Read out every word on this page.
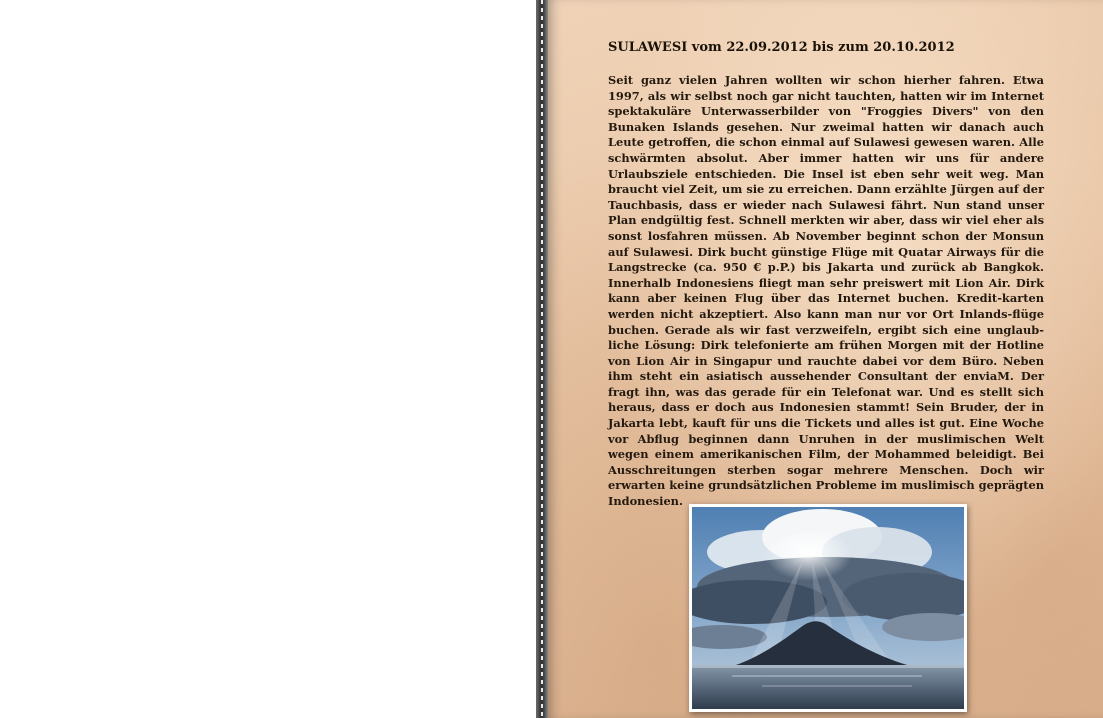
SULAWESI vom 22.09.2012 bis zum 20.10.2012

Seit ganz vielen Jahren wollten wir schon hierher fahren. Etwa 1997, als wir selbst noch gar nicht tauchten, hatten wir im Internet spektakuläre Unterwasserbilder von "Froggies Divers" von den Bunaken Islands gesehen. Nur zweimal hatten wir danach auch Leute getroffen, die schon einmal auf Sulawesi gewesen waren. Alle schwärmten absolut. Aber immer hatten wir uns für andere Urlaubsziele entschieden. Die Insel ist eben sehr weit weg. Man braucht viel Zeit, um sie zu erreichen. Dann erzählte Jürgen auf der Tauchbasis, dass er wieder nach Sulawesi fährt. Nun stand unser Plan endgültig fest. Schnell merkten wir aber, dass wir viel eher als sonst losfahren müssen. Ab November beginnt schon der Monsun auf Sulawesi. Dirk bucht günstige Flüge mit Quatar Airways für die Langstrecke (ca. 950 € p.P.) bis Jakarta und zurück ab Bangkok. Innerhalb Indonesiens fliegt man sehr preiswert mit Lion Air. Dirk kann aber keinen Flug über das Internet buchen. Kredit-karten werden nicht akzeptiert. Also kann man nur vor Ort Inlands-flüge buchen. Gerade als wir fast verzweifeln, ergibt sich eine unglaub-liche Lösung: Dirk telefonierte am frühen Morgen mit der Hotline von Lion Air in Singapur und rauchte dabei vor dem Büro. Neben ihm steht ein asiatisch aussehender Consultant der enviaM. Der fragt ihn, was das gerade für ein Telefonat war. Und es stellt sich heraus, dass er doch aus Indonesien stammt! Sein Bruder, der in Jakarta lebt, kauft für uns die Tickets und alles ist gut. Eine Woche vor Abflug beginnen dann Unruhen in der muslimischen Welt wegen einem amerikanischen Film, der Mohammed beleidigt. Bei Ausschreitungen sterben sogar mehrere Menschen. Doch wir erwarten keine grundsätzlichen Probleme im muslimisch geprägten Indonesien.
